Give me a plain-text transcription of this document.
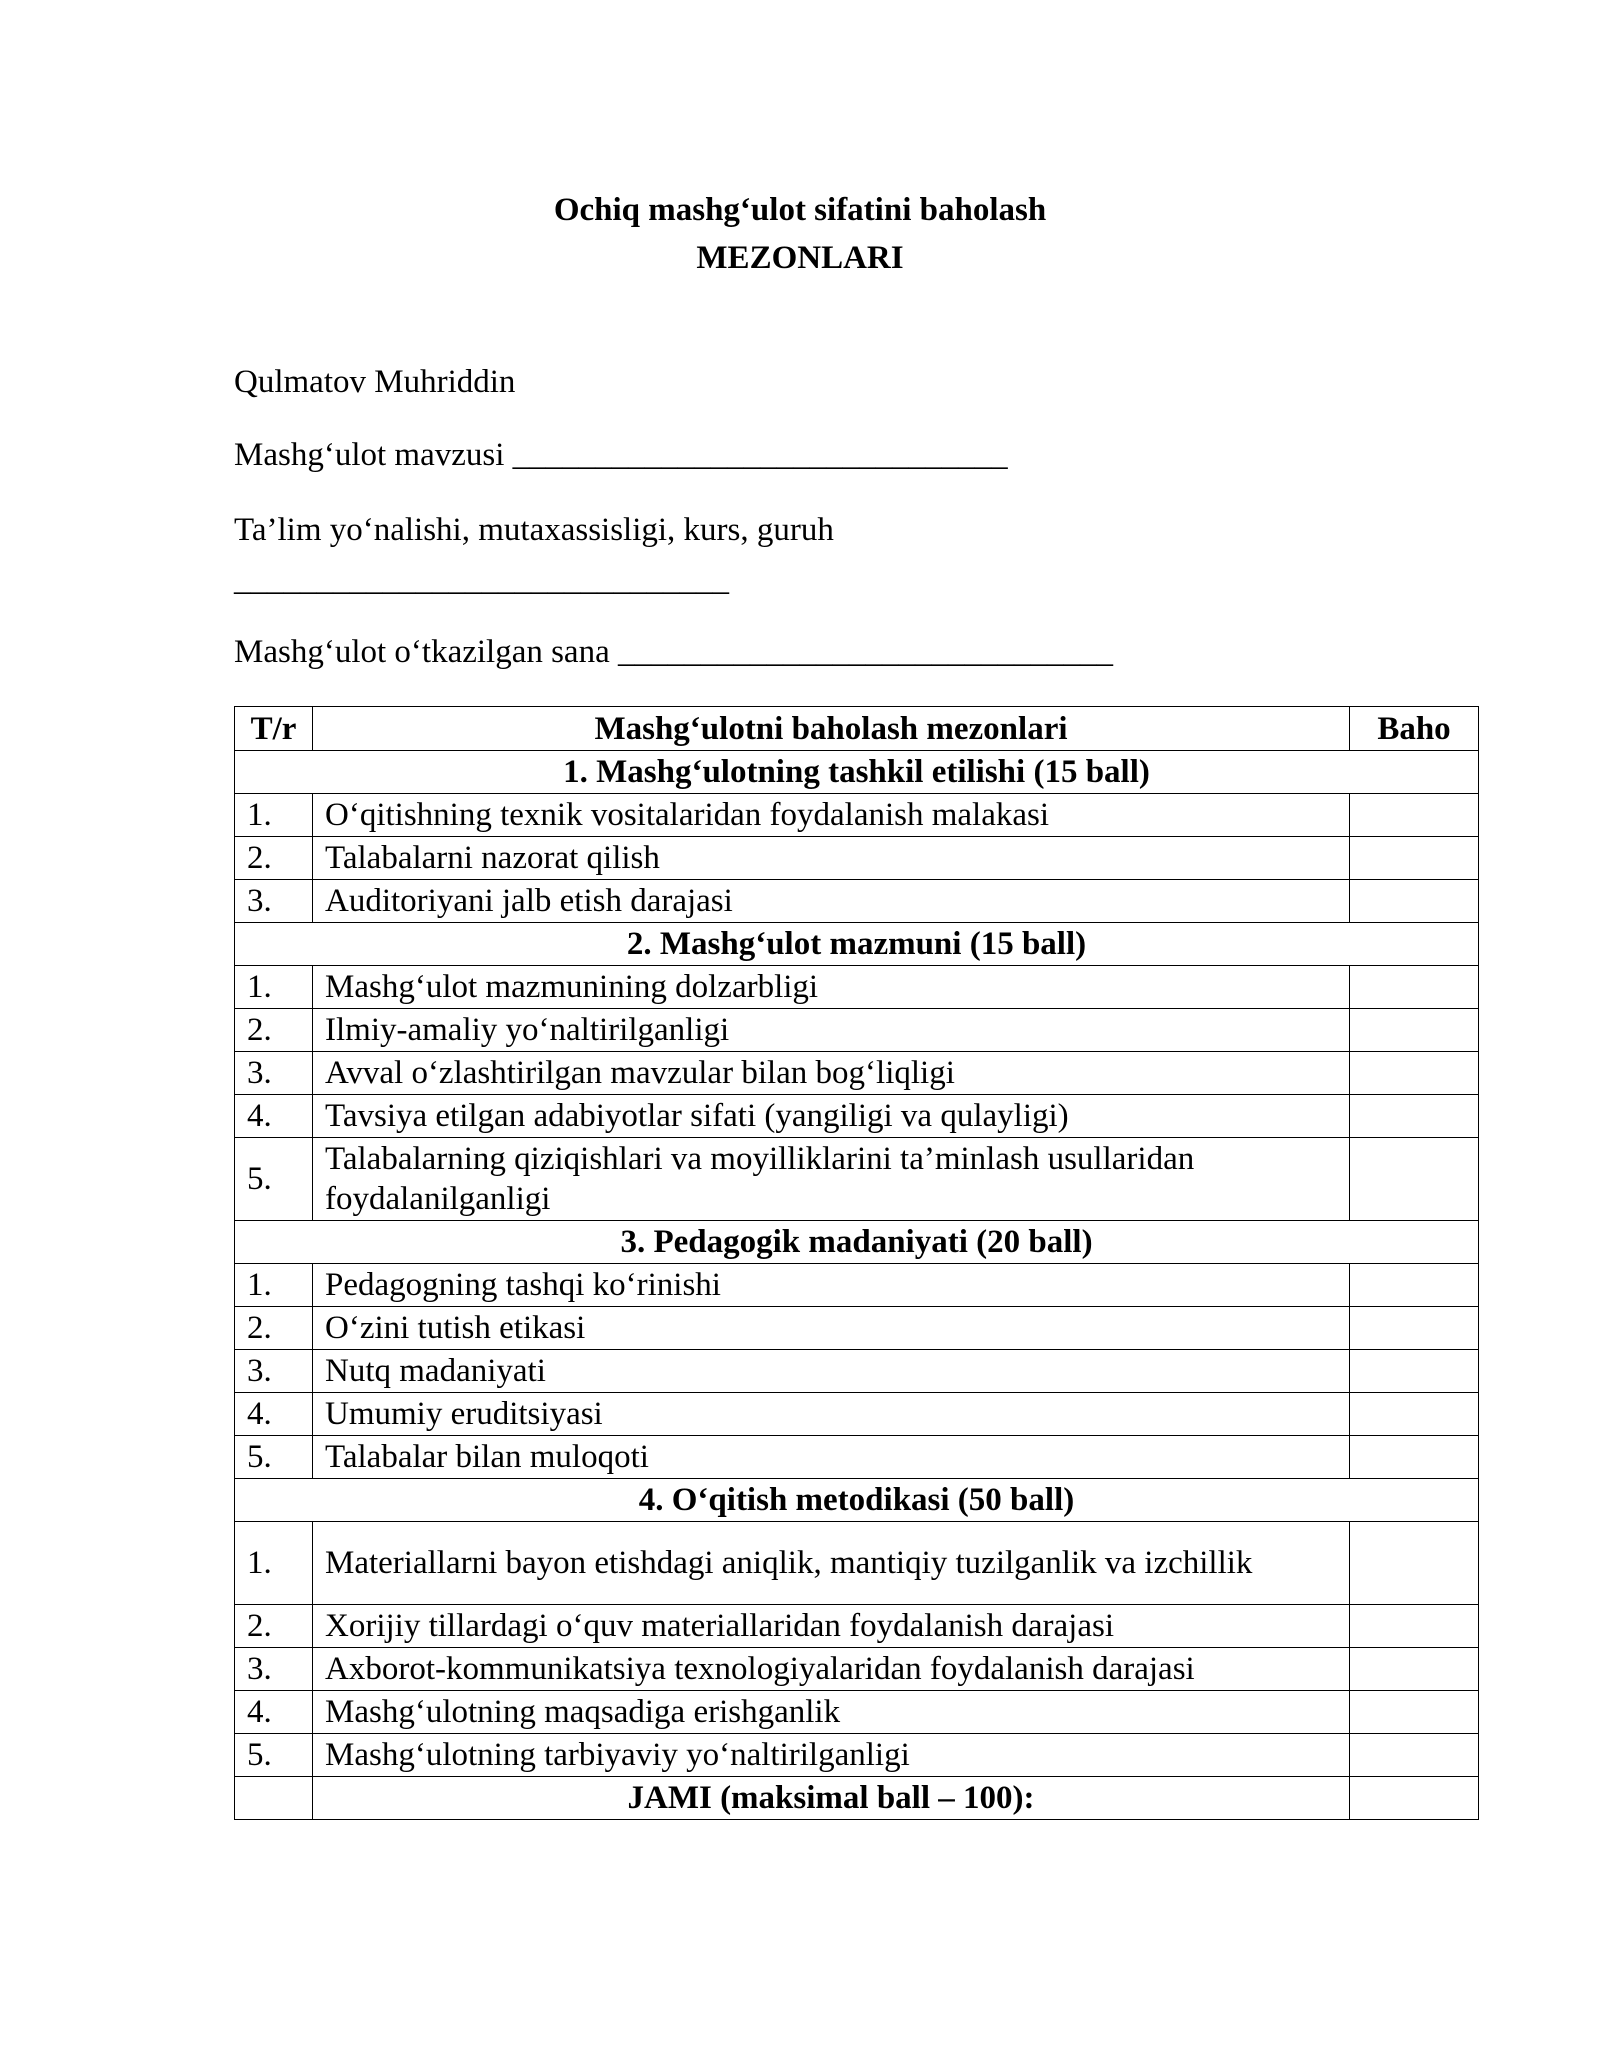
Ochiq mashg‘ulot sifatini baholash
MEZONLARI
Qulmatov Muhriddin
Mashg‘ulot mavzusi ______________________________
Ta’lim yo‘nalishi, mutaxassisligi, kurs, guruh
______________________________
Mashg‘ulot o‘tkazilgan sana ______________________________
T/r	Mashg‘ulotni baholash mezonlari	Baho
1. Mashg‘ulotning tashkil etilishi (15 ball)		
1.	O‘qitishning texnik vositalaridan foydalanish malakasi	
2.	Talabalarni nazorat qilish	
3.	Auditoriyani jalb etish darajasi	
2. Mashg‘ulot mazmuni (15 ball)		
1.	Mashg‘ulot mazmunining dolzarbligi	
2.	Ilmiy-amaliy yo‘naltirilganligi	
3.	Avval o‘zlashtirilgan mavzular bilan bog‘liqligi	
4.	Tavsiya etilgan adabiyotlar sifati (yangiligi va qulayligi)	
5.	Talabalarning qiziqishlari va moyilliklarini ta’minlash usullaridan foydalanilganligi	
3. Pedagogik madaniyati (20 ball)		
1.	Pedagogning tashqi ko‘rinishi	
2.	O‘zini tutish etikasi	
3.	Nutq madaniyati	
4.	Umumiy eruditsiyasi	
5.	Talabalar bilan muloqoti	
4. O‘qitish metodikasi (50 ball)		
1.	Materiallarni bayon etishdagi aniqlik, mantiqiy tuzilganlik va izchillik	
2.	Xorijiy tillardagi o‘quv materiallaridan foydalanish darajasi	
3.	Axborot-kommunikatsiya texnologiyalaridan foydalanish darajasi	
4.	Mashg‘ulotning maqsadiga erishganlik	
5.	Mashg‘ulotning tarbiyaviy yo‘naltirilganligi	
	JAMI (maksimal ball – 100):	
